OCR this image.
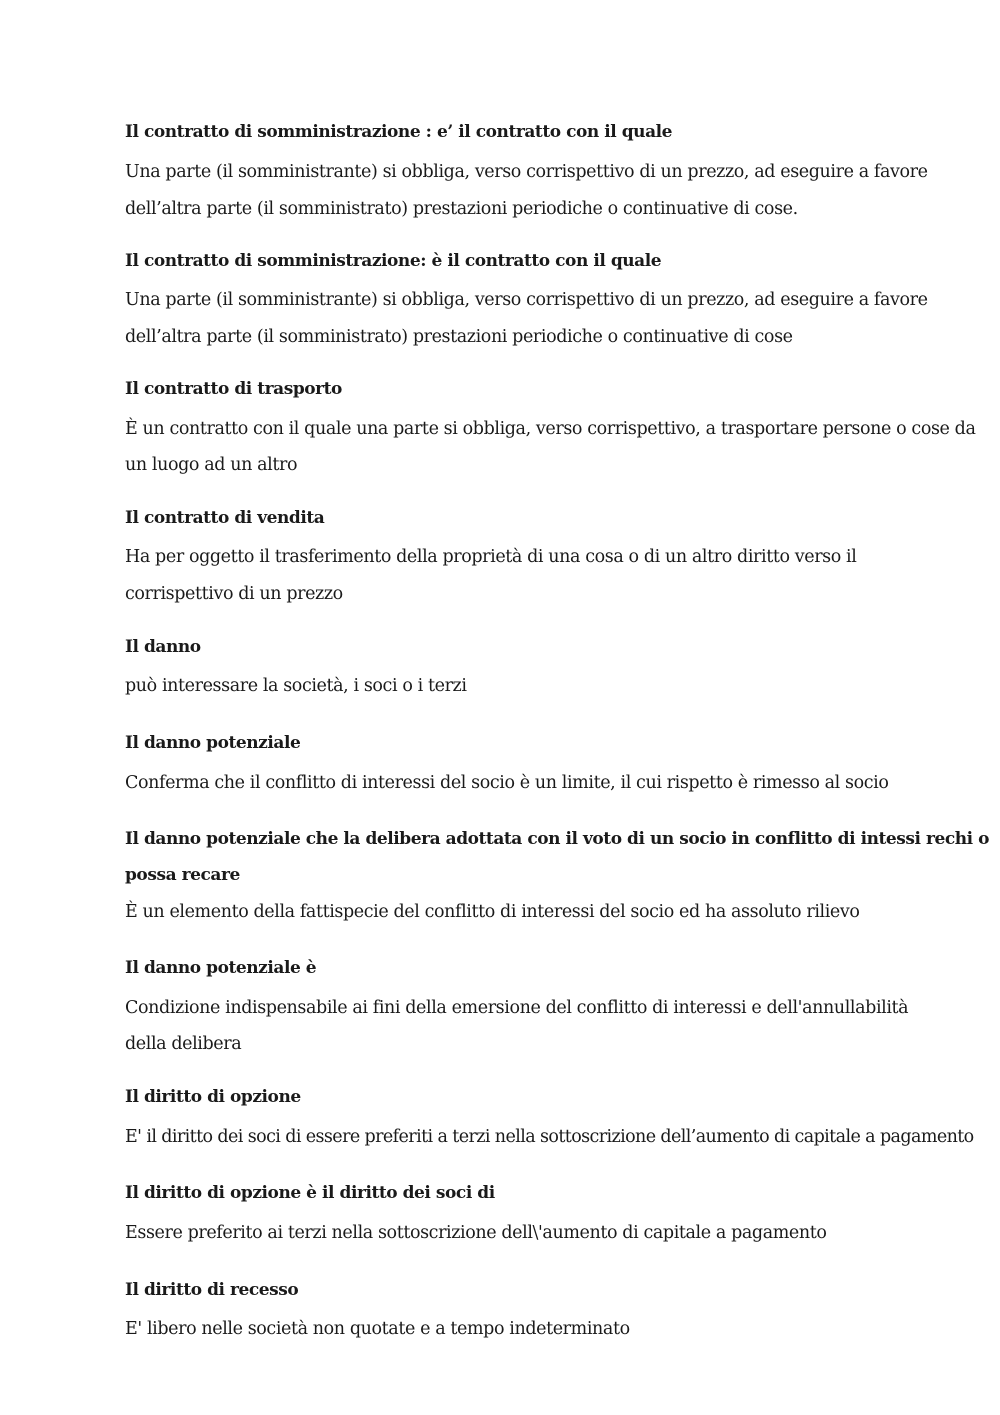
Il contratto di somministrazione : e’ il contratto con il quale
Una parte (il somministrante) si obbliga, verso corrispettivo di un prezzo, ad eseguire a favore
dell’altra parte (il somministrato) prestazioni periodiche o continuative di cose.
Il contratto di somministrazione: è il contratto con il quale
Una parte (il somministrante) si obbliga, verso corrispettivo di un prezzo, ad eseguire a favore
dell’altra parte (il somministrato) prestazioni periodiche o continuative di cose
Il contratto di trasporto
È un contratto con il quale una parte si obbliga, verso corrispettivo, a trasportare persone o cose da
un luogo ad un altro
Il contratto di vendita
Ha per oggetto il trasferimento della proprietà di una cosa o di un altro diritto verso il
corrispettivo di un prezzo
Il danno
può interessare la società, i soci o i terzi
Il danno potenziale
Conferma che il conflitto di interessi del socio è un limite, il cui rispetto è rimesso al socio
Il danno potenziale che la delibera adottata con il voto di un socio in conflitto di intessi rechi o
possa recare
È un elemento della fattispecie del conflitto di interessi del socio ed ha assoluto rilievo
Il danno potenziale è
Condizione indispensabile ai fini della emersione del conflitto di interessi e dell'annullabilità
della delibera
Il diritto di opzione
E' il diritto dei soci di essere preferiti a terzi nella sottoscrizione dell’aumento di capitale a pagamento
Il diritto di opzione è il diritto dei soci di
Essere preferito ai terzi nella sottoscrizione dell\'aumento di capitale a pagamento
Il diritto di recesso
E' libero nelle società non quotate e a tempo indeterminato
